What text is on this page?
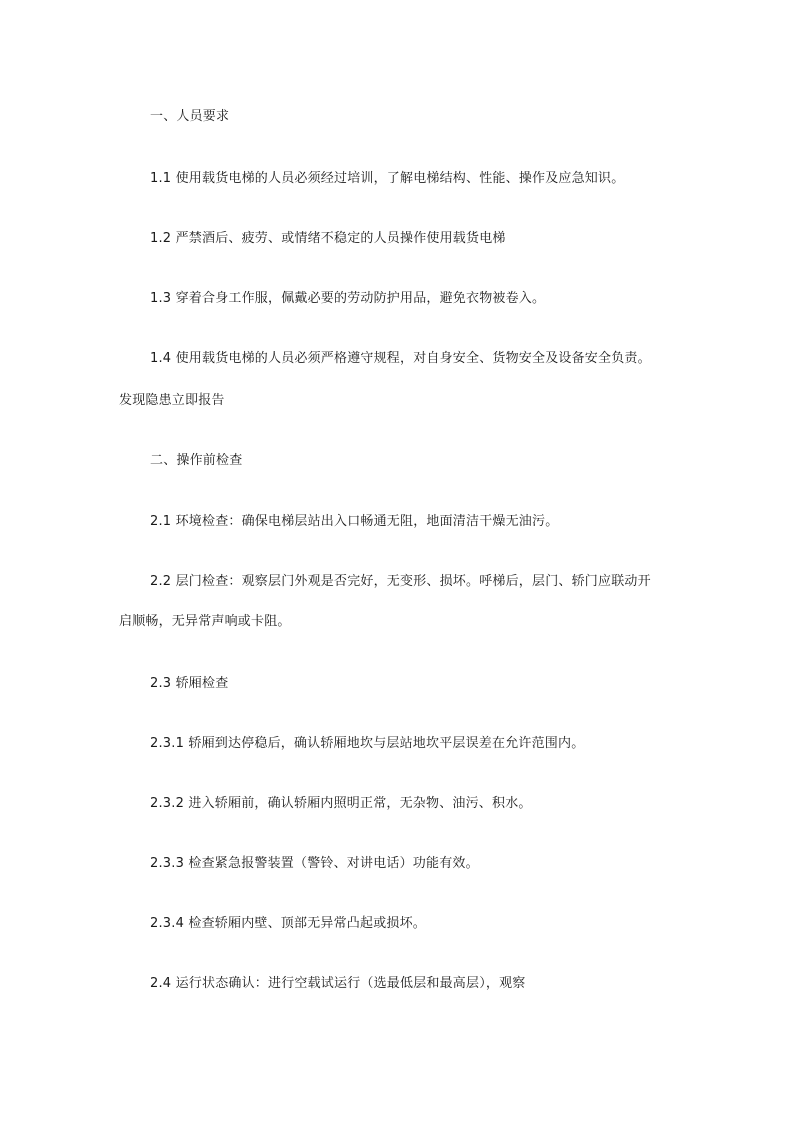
一、人员要求
1.1 使用载货电梯的人员必须经过培训，了解电梯结构、性能、操作及应急知识。
1.2 严禁酒后、疲劳、或情绪不稳定的人员操作使用载货电梯
1.3 穿着合身工作服，佩戴必要的劳动防护用品，避免衣物被卷入。
1.4 使用载货电梯的人员必须严格遵守规程，对自身安全、货物安全及设备安全负责。
发现隐患立即报告
二、操作前检查
2.1 环境检查：确保电梯层站出入口畅通无阻，地面清洁干燥无油污。
2.2 层门检查：观察层门外观是否完好，无变形、损坏。呼梯后，层门、轿门应联动开
启顺畅，无异常声响或卡阻。
2.3 轿厢检查
2.3.1 轿厢到达停稳后，确认轿厢地坎与层站地坎平层误差在允许范围内。
2.3.2 进入轿厢前，确认轿厢内照明正常，无杂物、油污、积水。
2.3.3 检查紧急报警装置（警铃、对讲电话）功能有效。
2.3.4 检查轿厢内壁、顶部无异常凸起或损坏。
2.4 运行状态确认：进行空载试运行（选最低层和最高层），观察
